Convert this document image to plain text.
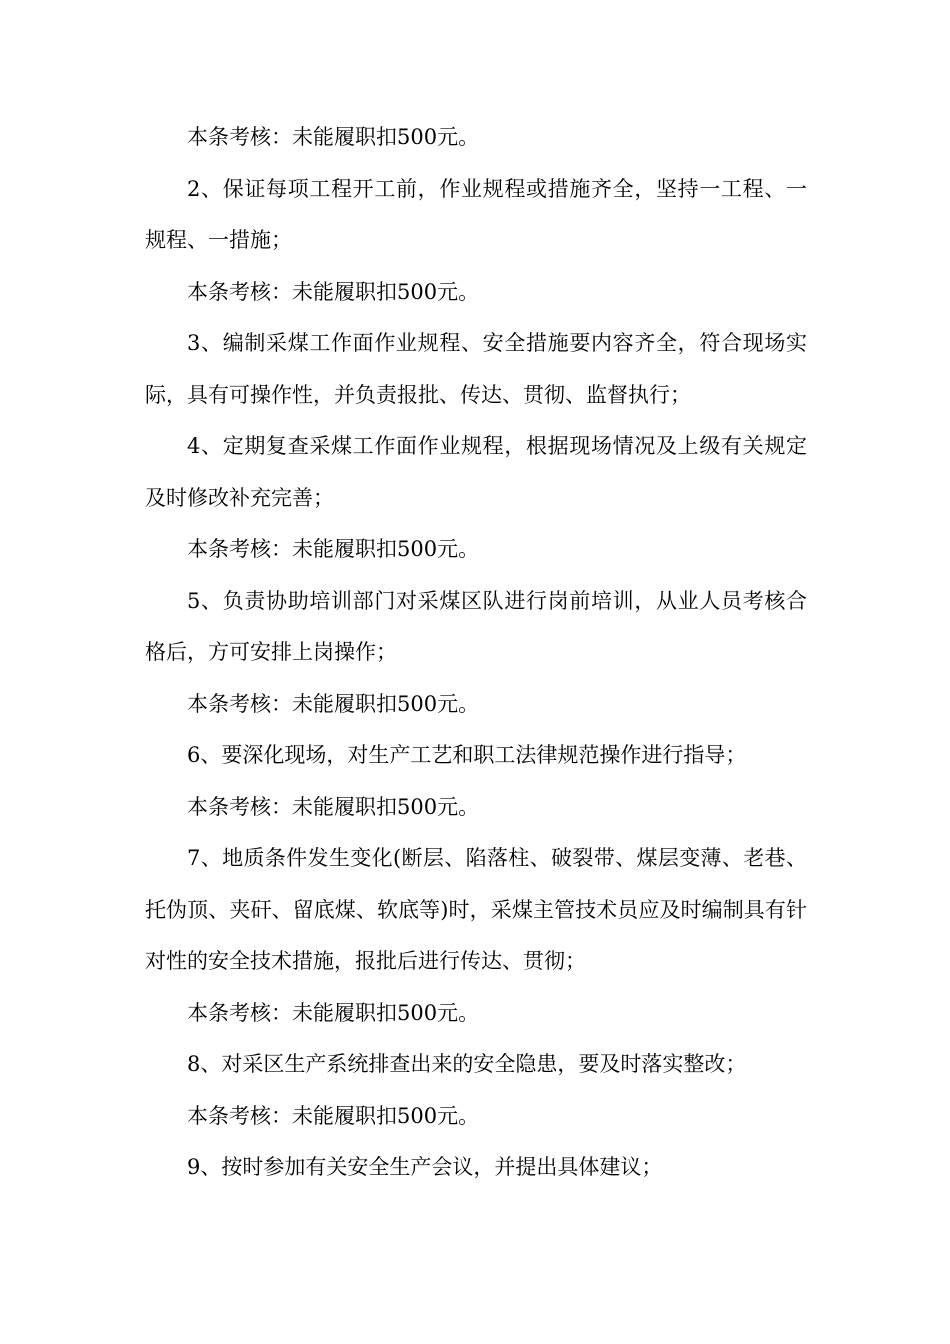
本条考核：未能履职扣500元。

2、保证每项工程开工前，作业规程或措施齐全，坚持一工程、一规程、一措施；

本条考核：未能履职扣500元。

3、编制采煤工作面作业规程、安全措施要内容齐全，符合现场实际，具有可操作性，并负责报批、传达、贯彻、监督执行；

4、定期复查采煤工作面作业规程，根据现场情况及上级有关规定及时修改补充完善；

本条考核：未能履职扣500元。

5、负责协助培训部门对采煤区队进行岗前培训，从业人员考核合格后，方可安排上岗操作；

本条考核：未能履职扣500元。

6、要深化现场，对生产工艺和职工法律规范操作进行指导；

本条考核：未能履职扣500元。

7、地质条件发生变化(断层、陷落柱、破裂带、煤层变薄、老巷、托伪顶、夹矸、留底煤、软底等)时，采煤主管技术员应及时编制具有针对性的安全技术措施，报批后进行传达、贯彻；

本条考核：未能履职扣500元。

8、对采区生产系统排查出来的安全隐患，要及时落实整改；

本条考核：未能履职扣500元。

9、按时参加有关安全生产会议，并提出具体建议；
